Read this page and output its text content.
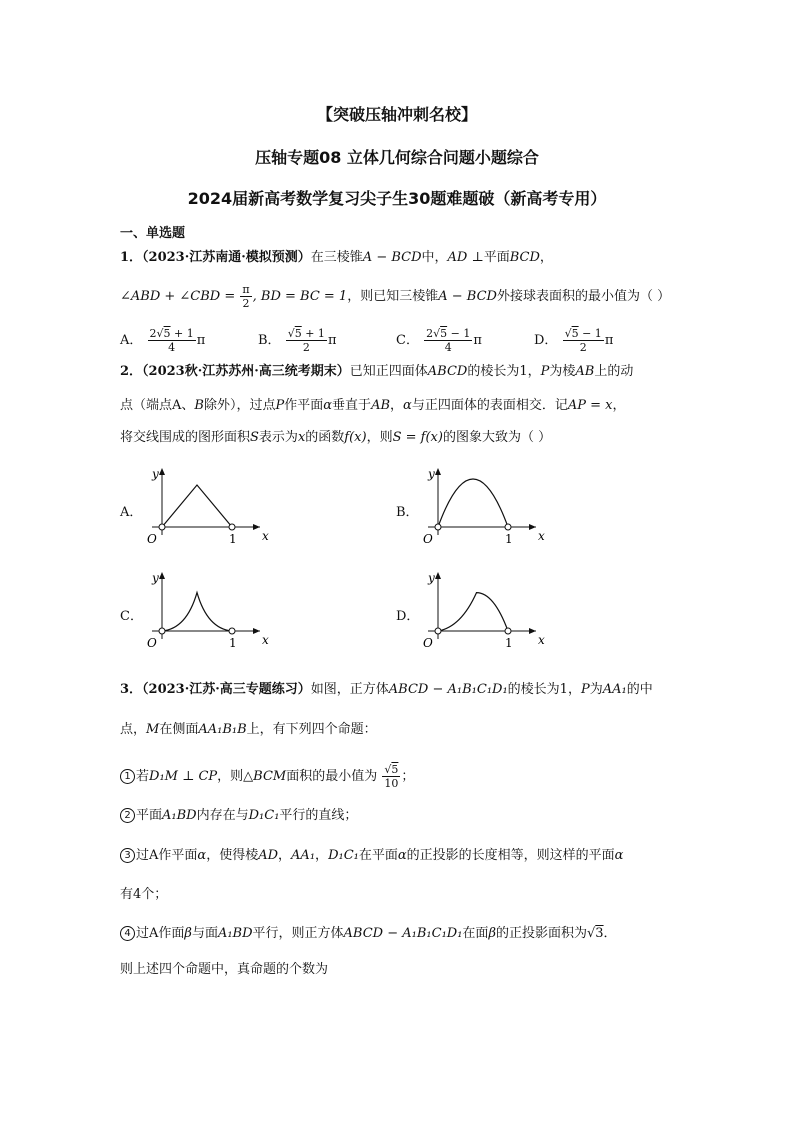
【突破压轴冲刺名校】
压轴专题08 立体几何综合问题小题综合
2024届新高考数学复习尖子生30题难题破（新高考专用）
一、单选题
1．（2023·江苏南通·模拟预测）在三棱锥A − BCD中，AD ⊥平面BCD，
∠ABD + ∠CBD = $\frac{\pi}{2}$ , BD = BC = 1，则已知三棱锥A − BCD外接球表面积的最小值为（ ）
A． $\frac{2√5 + 1}{4}$ π	B． $\frac{√5 + 1}{2}$ π	C． $\frac{2√5 - 1}{4}$ π	D． $\frac{√5 - 1}{2}$ π
2．（2023秋·江苏苏州·高三统考期末）已知正四面体ABCD的棱长为1，P为棱AB上的动
点（端点A、B除外），过点P作平面α垂直于AB，α与正四面体的表面相交．记AP = x，
将交线围成的图形面积S表示为x的函数f(x)，则S = f(x)的图象大致为（ ）
A．	B．
C．	D．
y
x
O	1
y
x
O	1
y
x
O	1
y
x
O	1
3．（2023·江苏·高三专题练习）如图，正方体ABCD − A₁B₁C₁D₁的棱长为1，P为AA₁的中
点，M在侧面AA₁B₁B上，有下列四个命题：
1 若D₁M ⊥ CP，则△BCM面积的最小值为 $\frac{√5}{10}$ ；
2 平面A₁BD内存在与D₁C₁平行的直线；
3 过A作平面α，使得棱AD，AA₁，D₁C₁在平面α的正投影的长度相等，则这样的平面α
有4个；
4 过A作面β与面A₁BD平行，则正方体ABCD − A₁B₁C₁D₁在面β的正投影面积为√3．
则上述四个命题中，真命题的个数为
